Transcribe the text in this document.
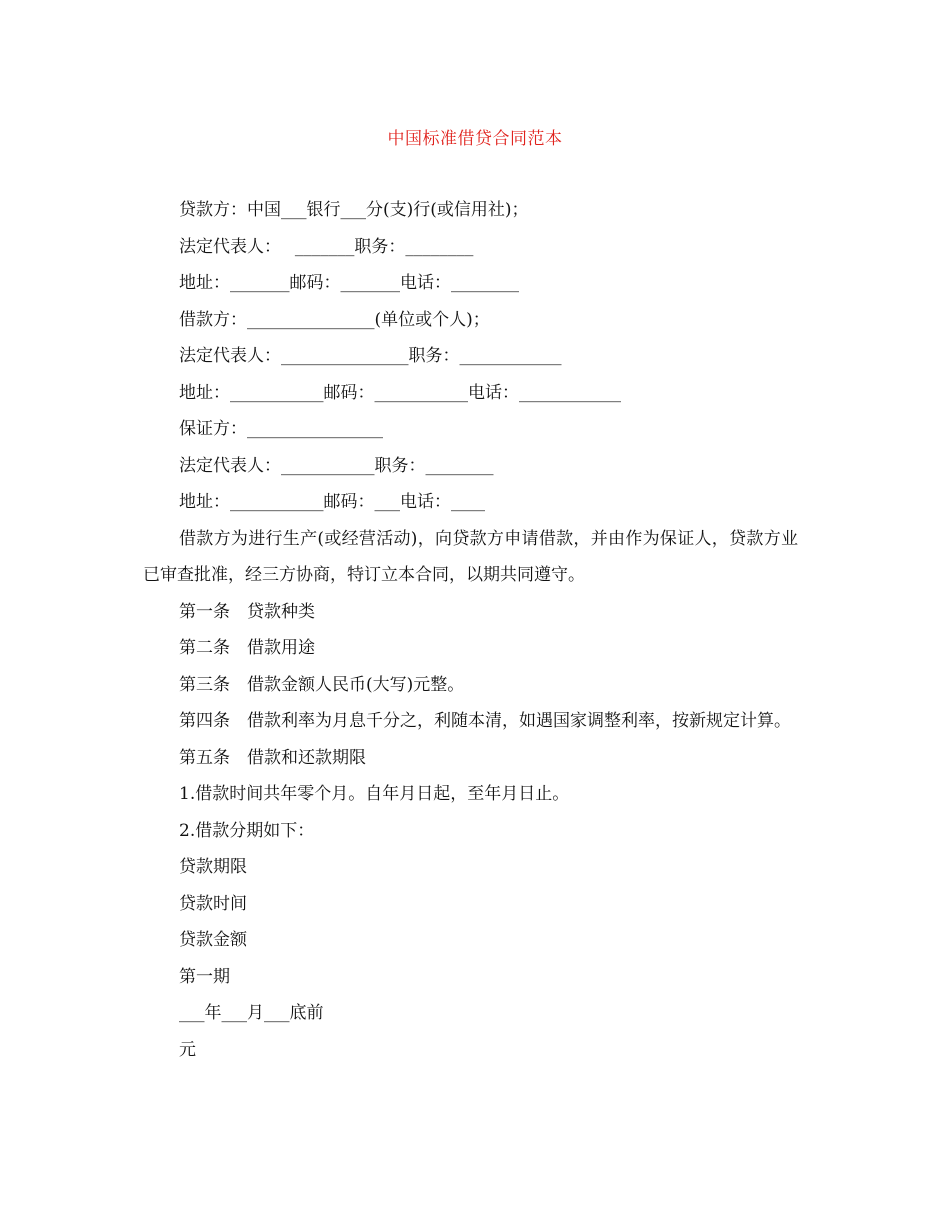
中国标准借贷合同范本

贷款方：中国___银行___分(支)行(或信用社)；

法定代表人：　 _______职务：________

地址：_______邮码：_______电话：________

借款方：_______________(单位或个人)；

法定代表人：_______________职务：____________

地址：___________邮码：___________电话：____________

保证方：________________

法定代表人：___________职务：________

地址：___________邮码：___电话：____

借款方为进行生产(或经营活动)，向贷款方申请借款，并由作为保证人，贷款方业已审查批准，经三方协商，特订立本合同，以期共同遵守。

第一条　贷款种类

第二条　借款用途

第三条　借款金额人民币(大写)元整。

第四条　借款利率为月息千分之，利随本清，如遇国家调整利率，按新规定计算。

第五条　借款和还款期限

1.借款时间共年零个月。自年月日起，至年月日止。

2.借款分期如下：

贷款期限

贷款时间

贷款金额

第一期

___年___月___底前

元
